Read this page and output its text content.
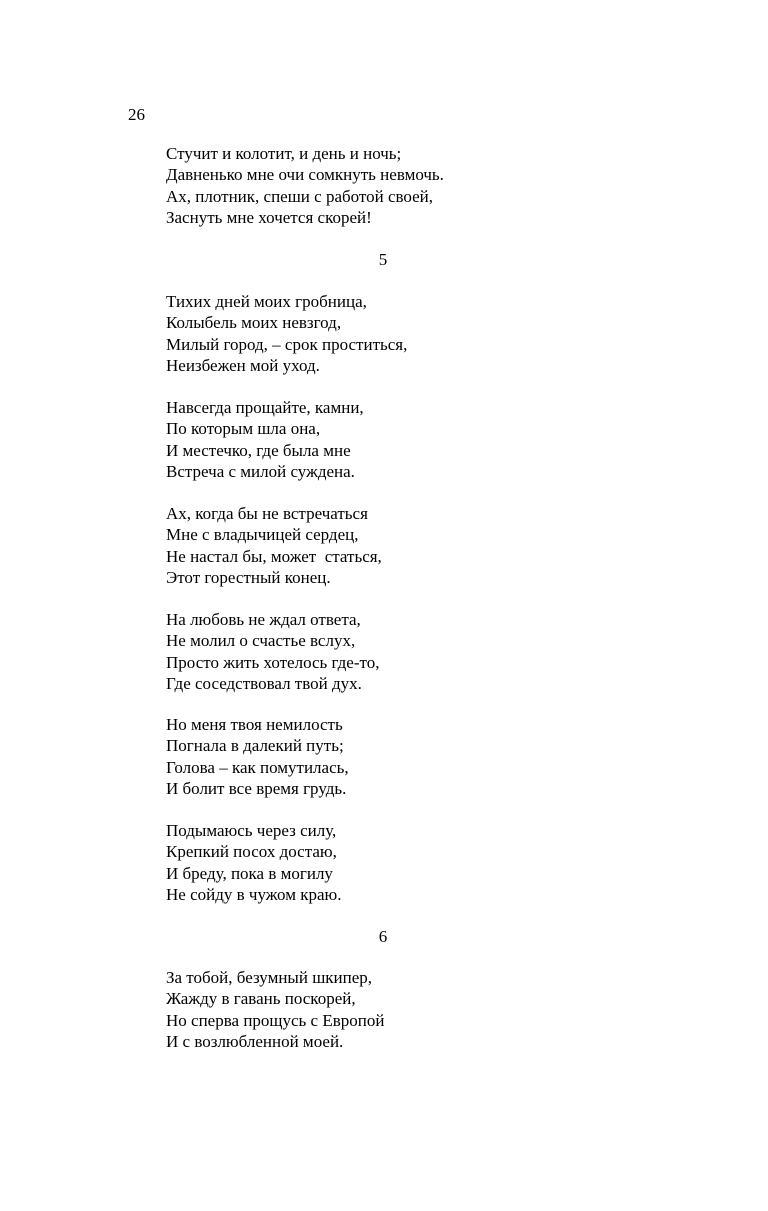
26

Стучит и колотит, и день и ночь;

Давненько мне очи сомкнуть невмочь.

Ах, плотник, спеши с работой своей,

Заснуть мне хочется скорей!

5

Тихих дней моих гробница,

Колыбель моих невзгод,

Милый город, – срок проститься,

Неизбежен мой уход.

Навсегда прощайте, камни,

По которым шла она,

И местечко, где была мне

Встреча с милой суждена.

Ах, когда бы не встречаться

Мне с владычицей сердец,

Не настал бы, может  статься,

Этот горестный конец.

На любовь не ждал ответа,

Не молил о счастье вслух,

Просто жить хотелось где-то,

Где соседствовал твой дух.

Но меня твоя немилость

Погнала в далекий путь;

Голова – как помутилась,

И болит все время грудь.

Подымаюсь через силу,

Крепкий посох достаю,

И бреду, пока в могилу

Не сойду в чужом краю.

6

За тобой, безумный шкипер,

Жажду в гавань поскорей,

Но сперва прощусь с Европой

И с возлюбленной моей.
